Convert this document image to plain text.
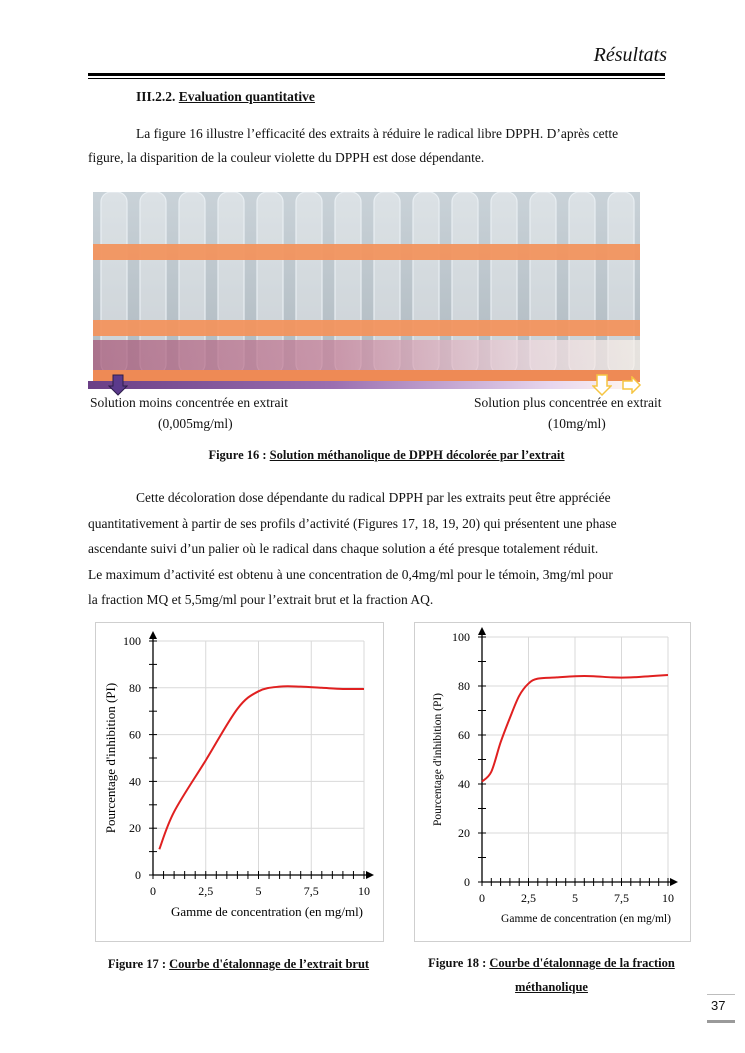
Résultats
III.2.2. Evaluation quantitative

La figure 16 illustre l’efficacité des extraits à réduire le radical libre DPPH. D’après cette

figure, la disparition de la couleur violette du DPPH est dose dépendante.

Solution moins concentrée en extrait
(0,005mg/ml)
Solution plus concentrée en extrait
(10mg/ml)
Figure 16 : Solution méthanolique de DPPH décolorée par l’extrait

Cette décoloration dose dépendante du radical DPPH par les extraits peut être appréciée

quantitativement à partir de ses profils d’activité (Figures 17, 18, 19, 20) qui présentent une phase

ascendante suivi d’un palier où le radical dans chaque solution a été presque totalement réduit.

Le maximum d’activité est obtenu à une concentration de 0,4mg/ml pour le témoin, 3mg/ml pour

la fraction MQ et 5,5mg/ml pour l’extrait brut et la fraction AQ.

0	2,5	5	7,5	10
0
20
40
60
80
100
Gamme de concentration (en mg/ml)
Pourcentage d'inhibition (PI)
0	2,5	5	7,5	10
0
20
40
60
80
100
Gamme de concentration (en mg/ml)
Pourcentage d'inhibition (PI)
Figure 17 : Courbe d'étalonnage de l’extrait brut	Figure 18 : Courbe d'étalonnage de la fraction
méthanolique
37
